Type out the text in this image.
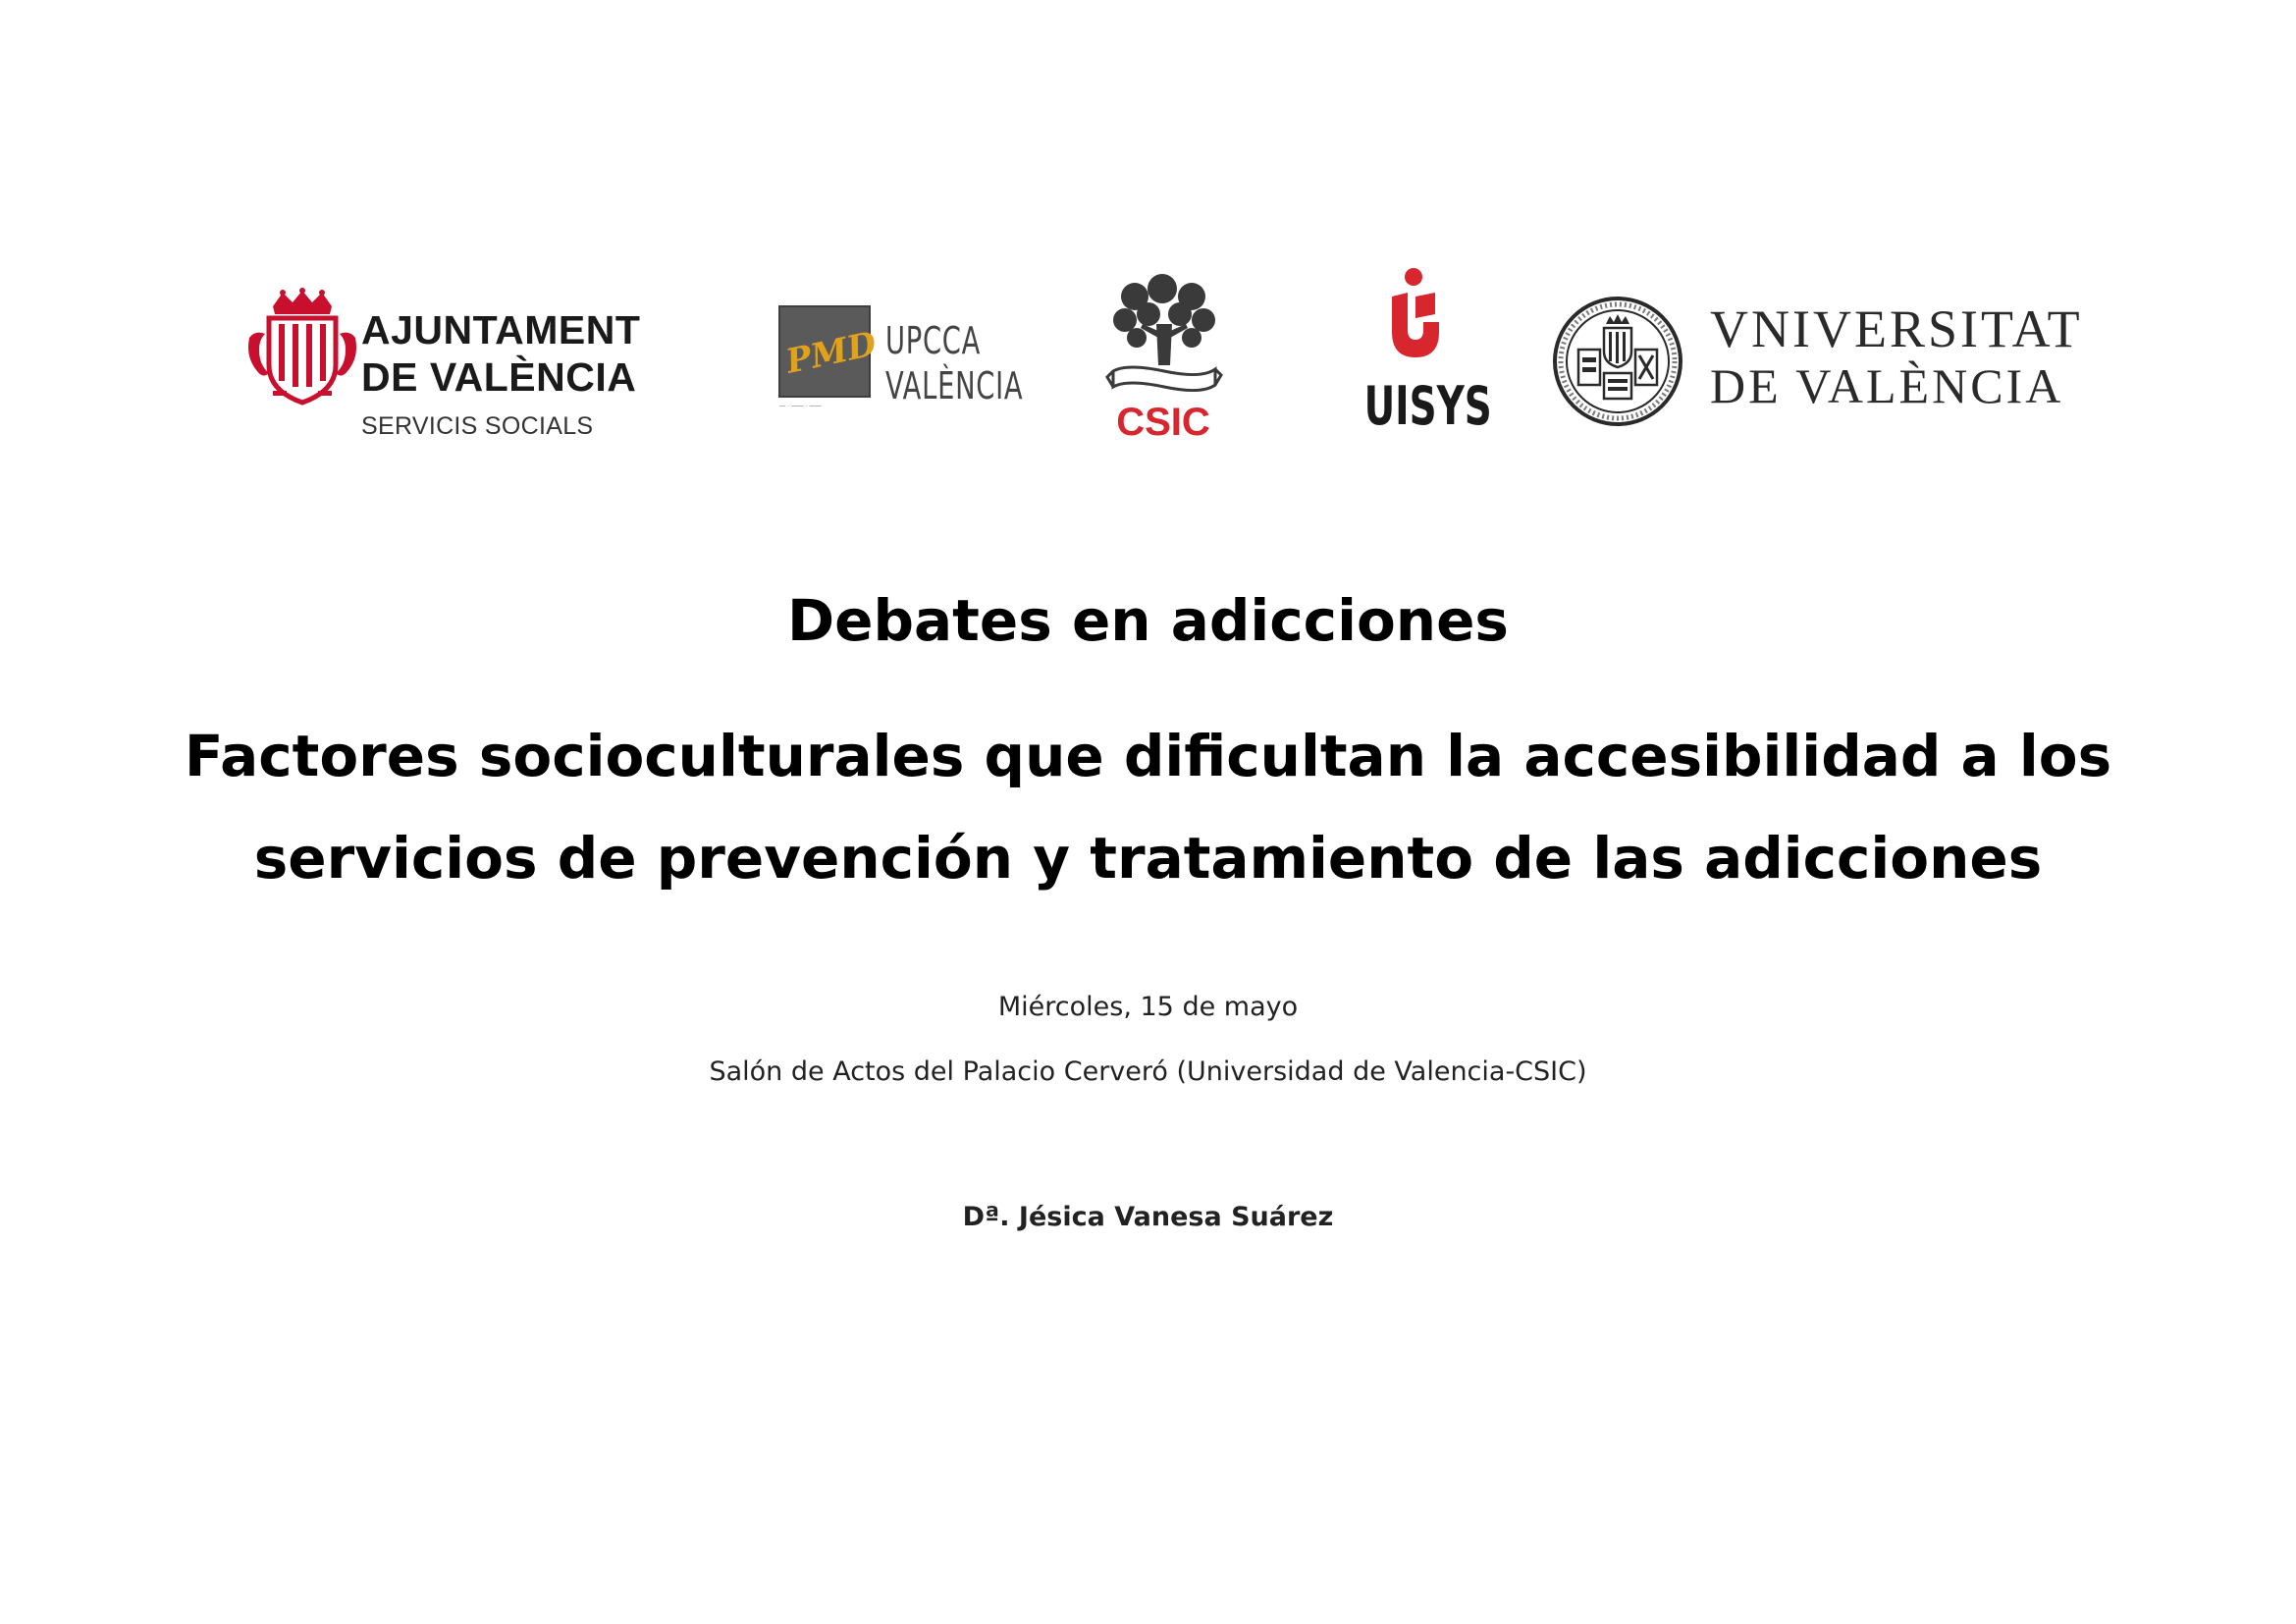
AJUNTAMENT
DE VALÈNCIA
SERVICIS SOCIALS
PMD
— · —— · ——
UPCCA
VALÈNCIA
CSIC	UISYS
VNIVERSITAT
DE VALÈNCIA
Debates en adicciones
Factores socioculturales que dificultan la accesibilidad a los servicios de prevención y tratamiento de las adicciones
Miércoles, 15 de mayo
Salón de Actos del Palacio Cerveró (Universidad de Valencia-CSIC)
Dª. Jésica Vanesa Suárez
